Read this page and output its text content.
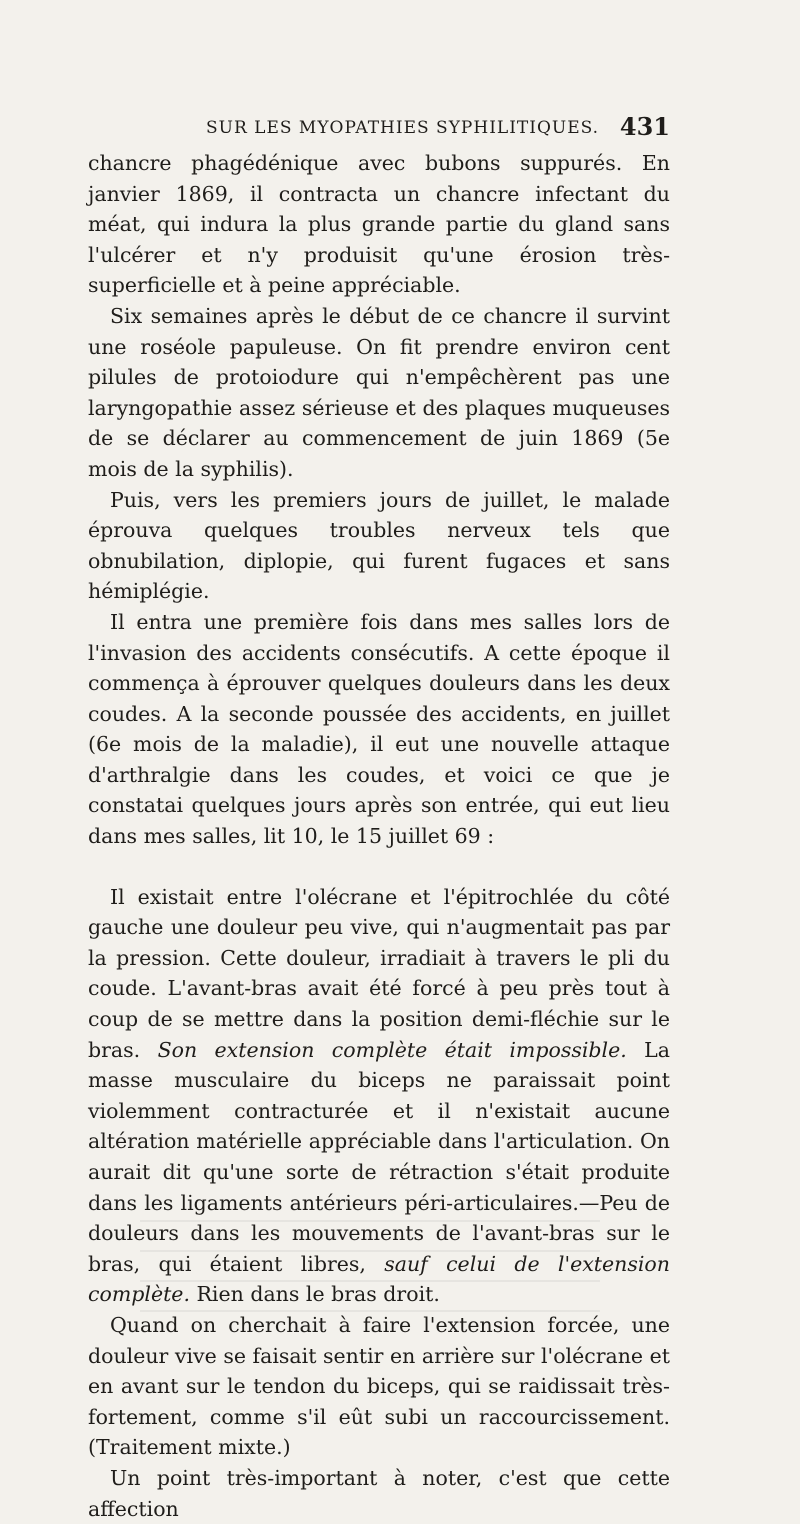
SUR LES MYOPATHIES SYPHILITIQUES. 431

chancre phagédénique avec bubons suppurés. En janvier 1869, il contracta un chancre infectant du méat, qui indura la plus grande partie du gland sans l'ulcérer et n'y produisit qu'une érosion très-superficielle et à peine appréciable.

Six semaines après le début de ce chancre il survint une roséole papuleuse. On fit prendre environ cent pilules de protoiodure qui n'empêchèrent pas une laryngopathie assez sérieuse et des plaques muqueuses de se déclarer au commencement de juin 1869 (5e mois de la syphilis).

Puis, vers les premiers jours de juillet, le malade éprouva quelques troubles nerveux tels que obnubilation, diplopie, qui furent fugaces et sans hémiplégie.

Il entra une première fois dans mes salles lors de l'invasion des accidents consécutifs. A cette époque il commença à éprouver quelques douleurs dans les deux coudes. A la seconde poussée des accidents, en juillet (6e mois de la maladie), il eut une nouvelle attaque d'arthralgie dans les coudes, et voici ce que je constatai quelques jours après son entrée, qui eut lieu dans mes salles, lit 10, le 15 juillet 69 :

Il existait entre l'olécrane et l'épitrochlée du côté gauche une douleur peu vive, qui n'augmentait pas par la pression. Cette douleur, irradiait à travers le pli du coude. L'avant-bras avait été forcé à peu près tout à coup de se mettre dans la position demi-fléchie sur le bras. Son extension complète était impossible. La masse musculaire du biceps ne paraissait point violemment contracturée et il n'existait aucune altération matérielle appréciable dans l'articulation. On aurait dit qu'une sorte de rétraction s'était produite dans les ligaments antérieurs péri-articulaires.—Peu de douleurs dans les mouvements de l'avant-bras sur le bras, qui étaient libres, sauf celui de l'extension complète. Rien dans le bras droit.

Quand on cherchait à faire l'extension forcée, une douleur vive se faisait sentir en arrière sur l'olécrane et en avant sur le tendon du biceps, qui se raidissait très-fortement, comme s'il eût subi un raccourcissement. (Traitement mixte.)

Un point très-important à noter, c'est que cette affection
